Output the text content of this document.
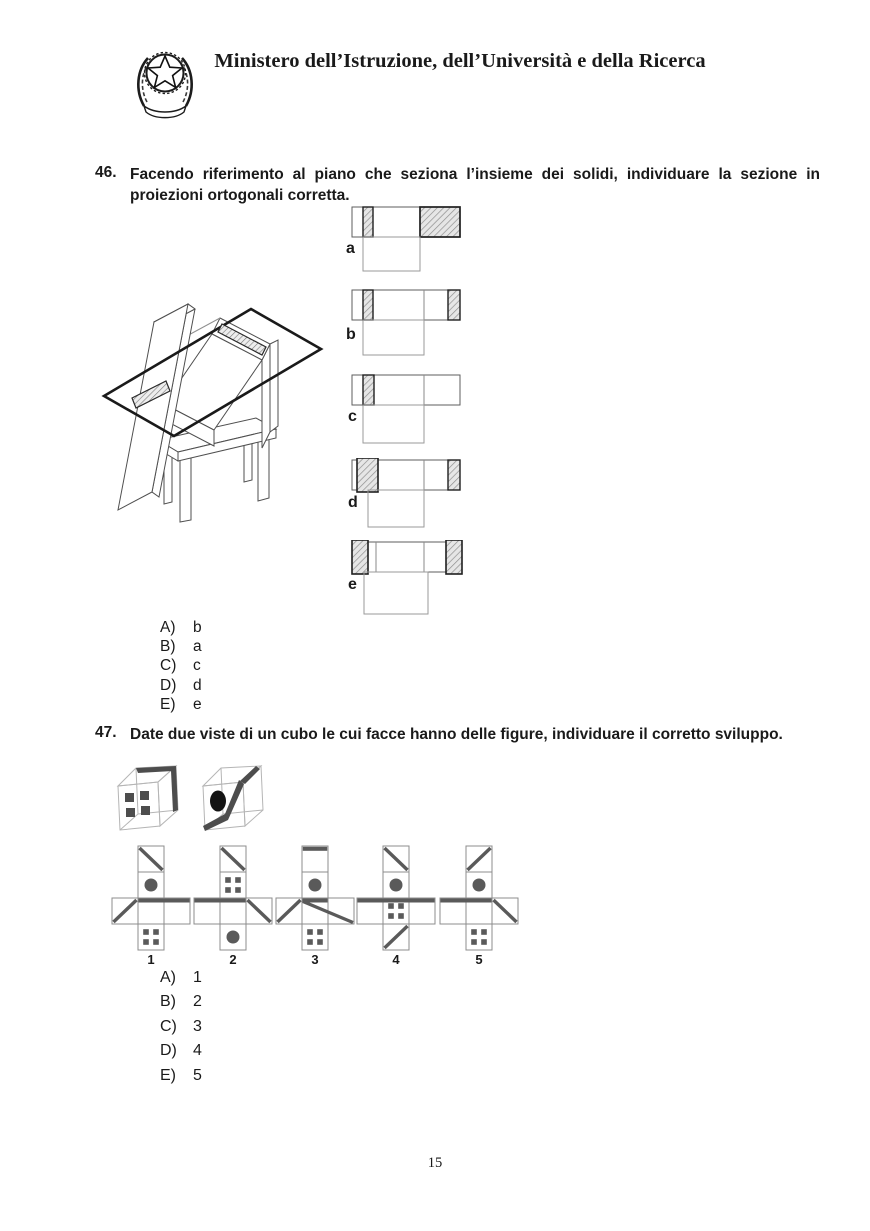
Ministero dell’Istruzione, dell’Università e della Ricerca
46. Facendo riferimento al piano che seziona l’insieme dei solidi, individuare la sezione in proiezioni ortogonali corretta.

a
b
c
d
e
A)	b
B)	a
C)	c
D)	d
E)	e
47. Date due viste di un cubo le cui facce hanno delle figure, individuare il corretto sviluppo.

1	2	3	4	5
A)	1
B)	2
C)	3
D)	4
E)	5
15
